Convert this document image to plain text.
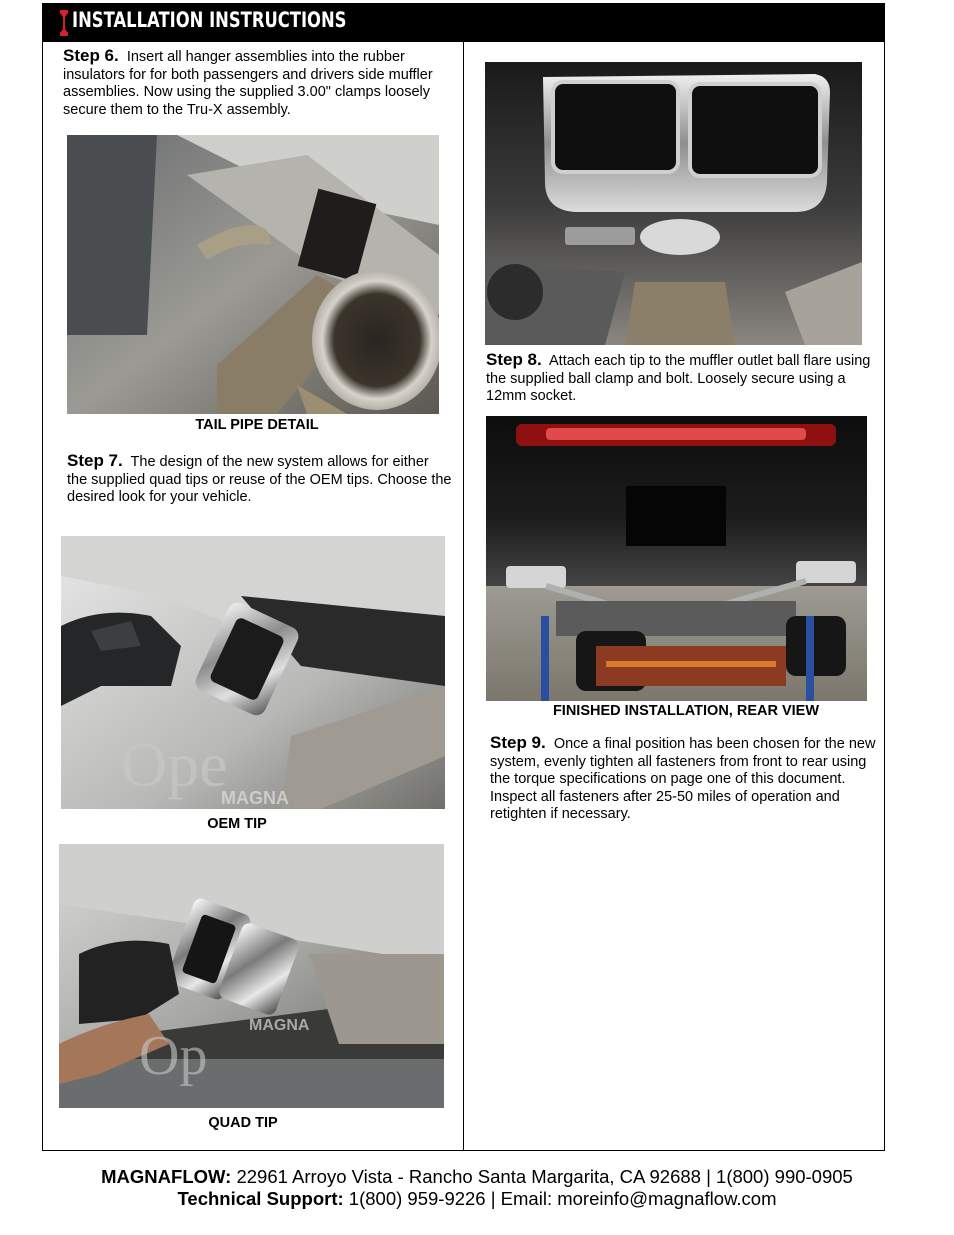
INSTALLATION INSTRUCTIONS
Step 6. Insert all hanger assemblies into the rubber insulators for for both passengers and drivers side muffler assemblies. Now using the supplied 3.00" clamps loosely secure them to the Tru-X assembly.
TAIL PIPE DETAIL
Step 7. The design of the new system allows for either the supplied quad tips or reuse of the OEM tips. Choose the desired look for your vehicle.
Ope
MAGNA
OEM TIP
Op	MAGNA
QUAD TIP
Step 8. Attach each tip to the muffler outlet ball flare using the supplied ball clamp and bolt. Loosely secure using a 12mm socket.
FINISHED INSTALLATION, REAR VIEW
Step 9. Once a final position has been chosen for the new system, evenly tighten all fasteners from front to rear using the torque specifications on page one of this document. Inspect all fasteners after 25-50 miles of operation and retighten if necessary.
MAGNAFLOW: 22961 Arroyo Vista - Rancho Santa Margarita, CA 92688 | 1(800) 990-0905
Technical Support: 1(800) 959-9226 | Email: moreinfo@magnaflow.com
